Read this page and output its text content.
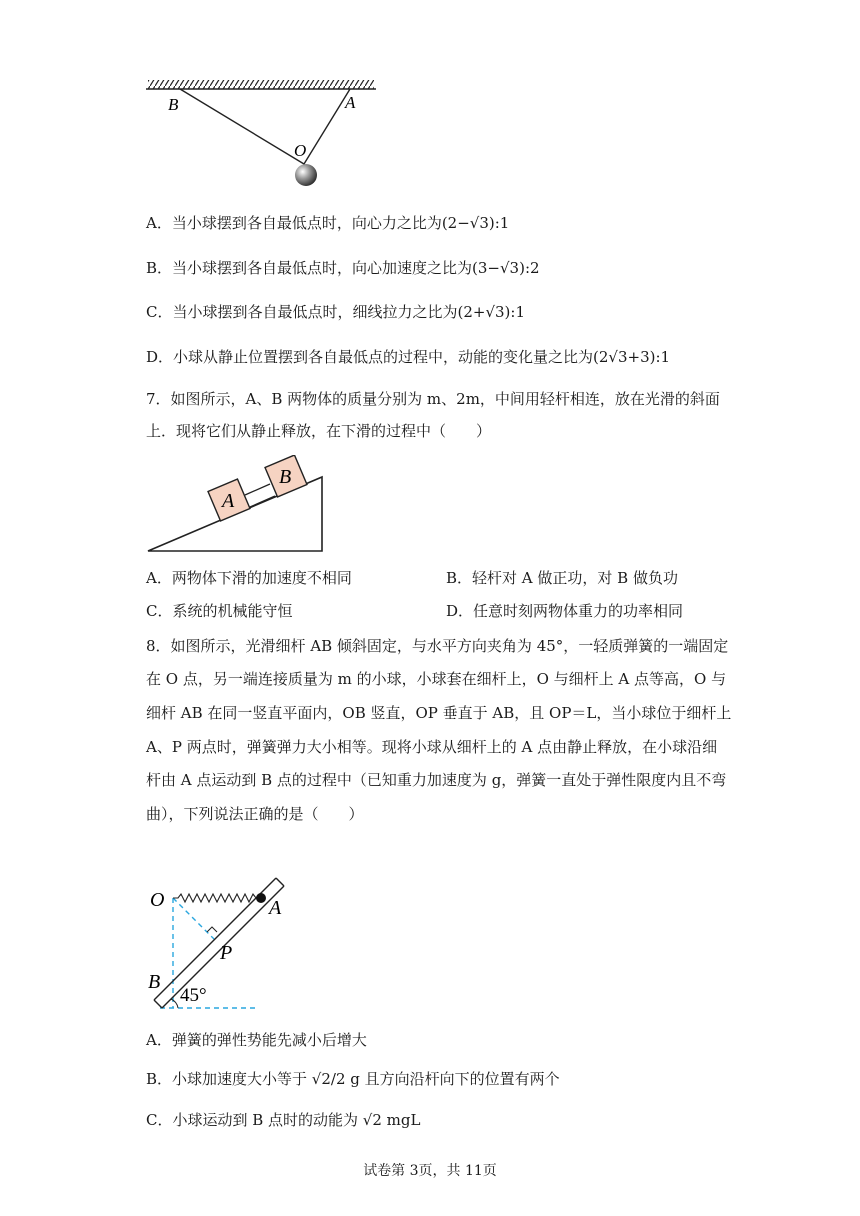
B	A
O
A．当小球摆到各自最低点时，向心力之比为(2−√3):1
B．当小球摆到各自最低点时，向心加速度之比为(3−√3):2
C．当小球摆到各自最低点时，细线拉力之比为(2+√3):1
D．小球从静止位置摆到各自最低点的过程中，动能的变化量之比为(2√3+3):1
7．如图所示，A、B 两物体的质量分别为 m、2m，中间用轻杆相连，放在光滑的斜面
上．现将它们从静止释放，在下滑的过程中（　　）
A
B
A．两物体下滑的加速度不相同	B．轻杆对 A 做正功，对 B 做负功
C．系统的机械能守恒	D．任意时刻两物体重力的功率相同
8．如图所示，光滑细杆 AB 倾斜固定，与水平方向夹角为 45°，一轻质弹簧的一端固定
在 O 点，另一端连接质量为 m 的小球，小球套在细杆上，O 与细杆上 A 点等高，O 与
细杆 AB 在同一竖直平面内，OB 竖直，OP 垂直于 AB，且 OP＝L，当小球位于细杆上
A、P 两点时，弹簧弹力大小相等。现将小球从细杆上的 A 点由静止释放，在小球沿细
杆由 A 点运动到 B 点的过程中（已知重力加速度为 g，弹簧一直处于弹性限度内且不弯
曲），下列说法正确的是（　　）
O	A
P
B
45°
A．弹簧的弹性势能先减小后增大
B．小球加速度大小等于 √2/2 g 且方向沿杆向下的位置有两个
C．小球运动到 B 点时的动能为 √2 mgL
试卷第 3页，共 11页
